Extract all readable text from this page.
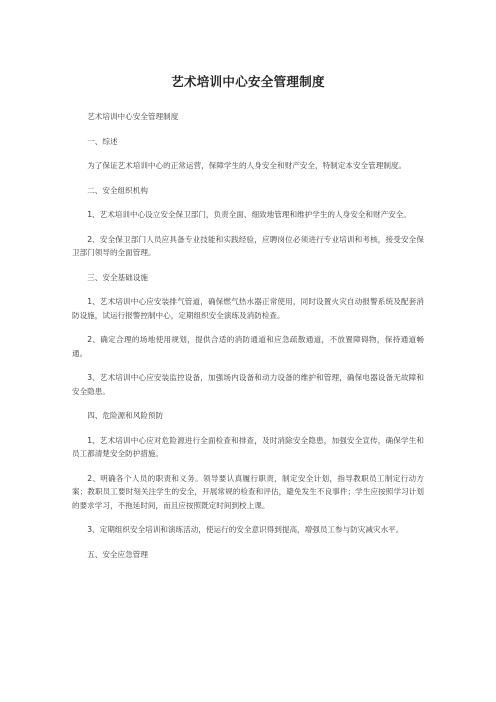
艺术培训中心安全管理制度

艺术培训中心安全管理制度

一、综述

为了保证艺术培训中心的正常运营，保障学生的人身安全和财产安全，特制定本安全管理制度。

二、安全组织机构

1、艺术培训中心设立安全保卫部门，负责全面、细致地管理和维护学生的人身安全和财产安全。

2、安全保卫部门人员应具备专业技能和实践经验，应聘岗位必须进行专业培训和考核，接受安全保卫部门领导的全面管理。

三、安全基础设施

1、艺术培训中心应安装排气管道，确保燃气热水器正常使用，同时设置火灾自动报警系统及配套消防设施，试运行报警控制中心，定期组织安全演练及消防检查。

2、确定合理的场地使用规划，提供合适的消防通道和应急疏散通道，不放置障碍物，保持通道畅通。

3、艺术培训中心应安装监控设备，加强场内设备和动力设备的维护和管理，确保电器设备无故障和安全隐患。

四、危险源和风险预防

1、艺术培训中心应对危险源进行全面检查和排查，及时消除安全隐患，加强安全宣传，确保学生和员工都清楚安全防护措施。

2、明确各个人员的职责和义务。领导要认真履行职责，制定安全计划，指导教职员工制定行动方案；教职员工要时刻关注学生的安全，开展常规的检查和评估，避免发生不良事件；学生应按照学习计划的要求学习，不拖延时间，而且应按照既定时间到校上课。

3、定期组织安全培训和演练活动，使运行的安全意识得到提高，增强员工参与防灾减灾水平。

五、安全应急管理
